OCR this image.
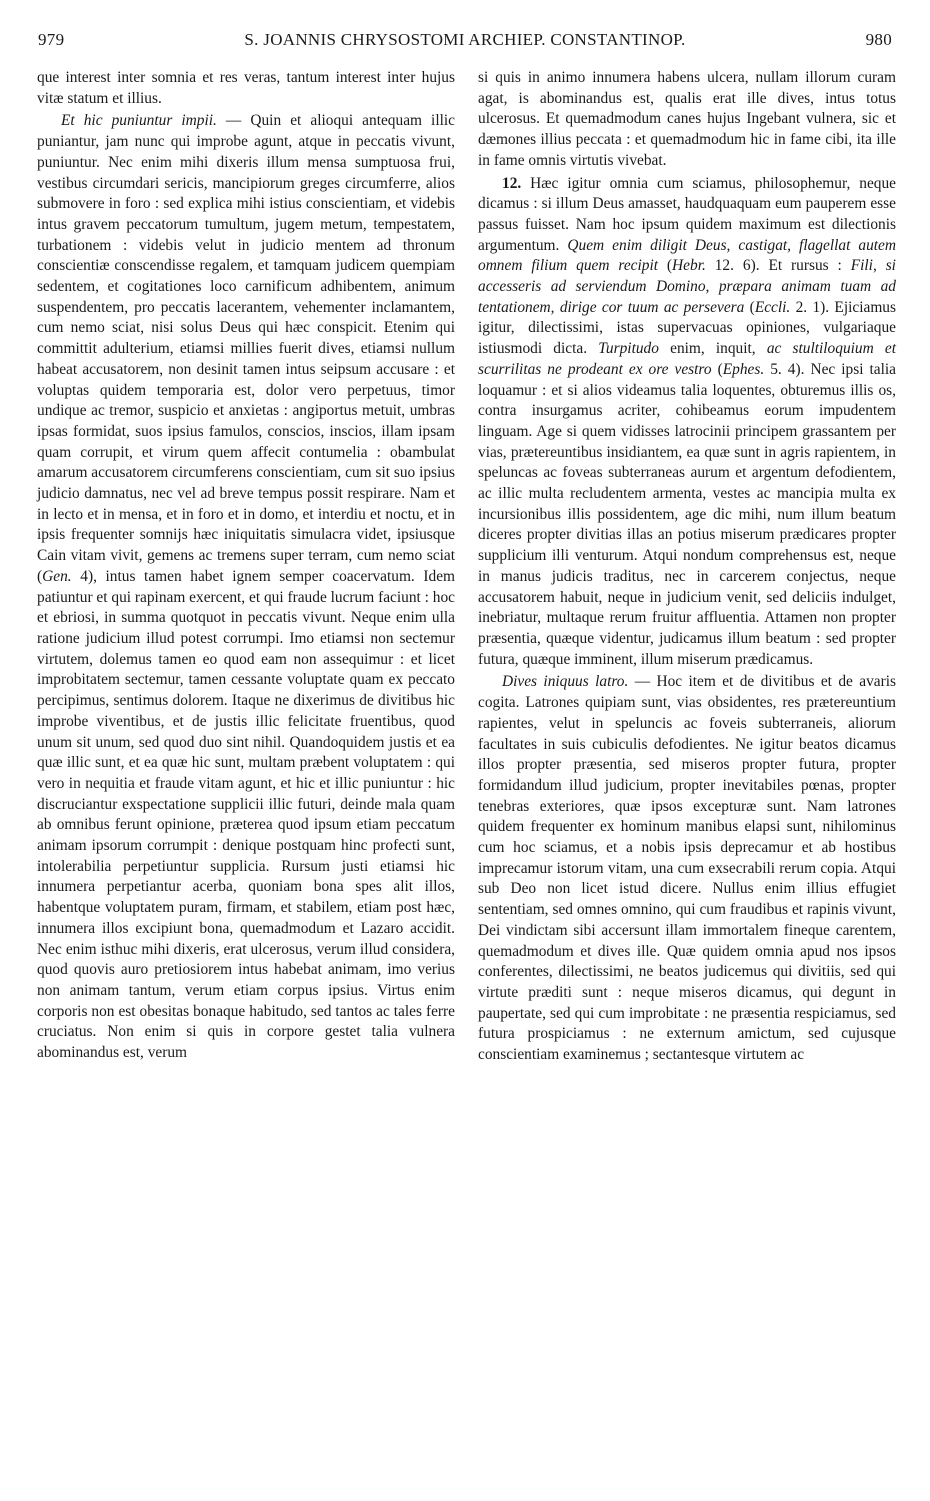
979	S. JOANNIS CHRYSOSTOMI ARCHIEP. CONSTANTINOP.	980

que interest inter somnia et res veras, tantum interest inter hujus vitæ statum et illius.

Et hic puniuntur impii. — Quin et alioqui antequam illic puniantur, jam nunc qui improbe agunt, atque in peccatis vivunt, puniuntur. Nec enim mihi dixeris illum mensa sumptuosa frui, vestibus circumdari sericis, mancipiorum greges circumferre, alios submovere in foro : sed explica mihi istius conscientiam, et videbis intus gravem peccatorum tumultum, jugem metum, tempestatem, turbationem : videbis velut in judicio mentem ad thronum conscientiæ conscendisse regalem, et tamquam judicem quempiam sedentem, et cogitationes loco carnificum adhibentem, animum suspendentem, pro peccatis lacerantem, vehementer inclamantem, cum nemo sciat, nisi solus Deus qui hæc conspicit. Etenim qui committit adulterium, etiamsi millies fuerit dives, etiamsi nullum habeat accusatorem, non desinit tamen intus seipsum accusare : et voluptas quidem temporaria est, dolor vero perpetuus, timor undique ac tremor, suspicio et anxietas : angiportus metuit, umbras ipsas formidat, suos ipsius famulos, conscios, inscios, illam ipsam quam corrupit, et virum quem affecit contumelia : obambulat amarum accusatorem circumferens conscientiam, cum sit suo ipsius judicio damnatus, nec vel ad breve tempus possit respirare. Nam et in lecto et in mensa, et in foro et in domo, et interdiu et noctu, et in ipsis frequenter somnijs hæc iniquitatis simulacra videt, ipsiusque Cain vitam vivit, gemens ac tremens super terram, cum nemo sciat (Gen. 4), intus tamen habet ignem semper coacervatum. Idem patiuntur et qui rapinam exercent, et qui fraude lucrum faciunt : hoc et ebriosi, in summa quotquot in peccatis vivunt. Neque enim ulla ratione judicium illud potest corrumpi. Imo etiamsi non sectemur virtutem, dolemus tamen eo quod eam non assequimur : et licet improbitatem sectemur, tamen cessante voluptate quam ex peccato percipimus, sentimus dolorem. Itaque ne dixerimus de divitibus hic improbe viventibus, et de justis illic felicitate fruentibus, quod unum sit unum, sed quod duo sint nihil. Quandoquidem justis et ea quæ illic sunt, et ea quæ hic sunt, multam præbent voluptatem : qui vero in nequitia et fraude vitam agunt, et hic et illic puniuntur : hic discruciantur exspectatione supplicii illic futuri, deinde mala quam ab omnibus ferunt opinione, præterea quod ipsum etiam peccatum animam ipsorum corrumpit : denique postquam hinc profecti sunt, intolerabilia perpetiuntur supplicia. Rursum justi etiamsi hic innumera perpetiantur acerba, quoniam bona spes alit illos, habentque voluptatem puram, firmam, et stabilem, etiam post hæc, innumera illos excipiunt bona, quemadmodum et Lazaro accidit. Nec enim isthuc mihi dixeris, erat ulcerosus, verum illud considera, quod quovis auro pretiosiorem intus habebat animam, imo verius non animam tantum, verum etiam corpus ipsius. Virtus enim corporis non est obesitas bonaque habitudo, sed tantos ac tales ferre cruciatus. Non enim si quis in corpore gestet talia vulnera abominandus est, verum

si quis in animo innumera habens ulcera, nullam illorum curam agat, is abominandus est, qualis erat ille dives, intus totus ulcerosus. Et quemadmodum canes hujus Ingebant vulnera, sic et dæmones illius peccata : et quemadmodum hic in fame cibi, ita ille in fame omnis virtutis vivebat.

12. Hæc igitur omnia cum sciamus, philosophemur, neque dicamus : si illum Deus amasset, haudquaquam eum pauperem esse passus fuisset. Nam hoc ipsum quidem maximum est dilectionis argumentum. Quem enim diligit Deus, castigat, flagellat autem omnem filium quem recipit (Hebr. 12. 6). Et rursus : Fili, si accesseris ad serviendum Domino, præpara animam tuam ad tentationem, dirige cor tuum ac persevera (Eccli. 2. 1). Ejiciamus igitur, dilectissimi, istas supervacuas opiniones, vulgariaque istiusmodi dicta. Turpitudo enim, inquit, ac stultiloquium et scurrilitas ne prodeant ex ore vestro (Ephes. 5. 4). Nec ipsi talia loquamur : et si alios videamus talia loquentes, obturemus illis os, contra insurgamus acriter, cohibeamus eorum impudentem linguam. Age si quem vidisses latrocinii principem grassantem per vias, prætereuntibus insidiantem, ea quæ sunt in agris rapientem, in speluncas ac foveas subterraneas aurum et argentum defodientem, ac illic multa recludentem armenta, vestes ac mancipia multa ex incursionibus illis possidentem, age dic mihi, num illum beatum diceres propter divitias illas an potius miserum prædicares propter supplicium illi venturum. Atqui nondum comprehensus est, neque in manus judicis traditus, nec in carcerem conjectus, neque accusatorem habuit, neque in judicium venit, sed deliciis indulget, inebriatur, multaque rerum fruitur affluentia. Attamen non propter præsentia, quæque videntur, judicamus illum beatum : sed propter futura, quæque imminent, illum miserum prædicamus.

Dives iniquus latro. — Hoc item et de divitibus et de avaris cogita. Latrones quipiam sunt, vias obsidentes, res prætereuntium rapientes, velut in speluncis ac foveis subterraneis, aliorum facultates in suis cubiculis defodientes. Ne igitur beatos dicamus illos propter præsentia, sed miseros propter futura, propter formidandum illud judicium, propter inevitabiles pœnas, propter tenebras exteriores, quæ ipsos excepturæ sunt. Nam latrones quidem frequenter ex hominum manibus elapsi sunt, nihilominus cum hoc sciamus, et a nobis ipsis deprecamur et ab hostibus imprecamur istorum vitam, una cum exsecrabili rerum copia. Atqui sub Deo non licet istud dicere. Nullus enim illius effugiet sententiam, sed omnes omnino, qui cum fraudibus et rapinis vivunt, Dei vindictam sibi accersunt illam immortalem fineque carentem, quemadmodum et dives ille. Quæ quidem omnia apud nos ipsos conferentes, dilectissimi, ne beatos judicemus qui divitiis, sed qui virtute præditi sunt : neque miseros dicamus, qui degunt in paupertate, sed qui cum improbitate : ne præsentia respiciamus, sed futura prospiciamus : ne externum amictum, sed cujusque conscientiam examinemus ; sectantesque virtutem ac
